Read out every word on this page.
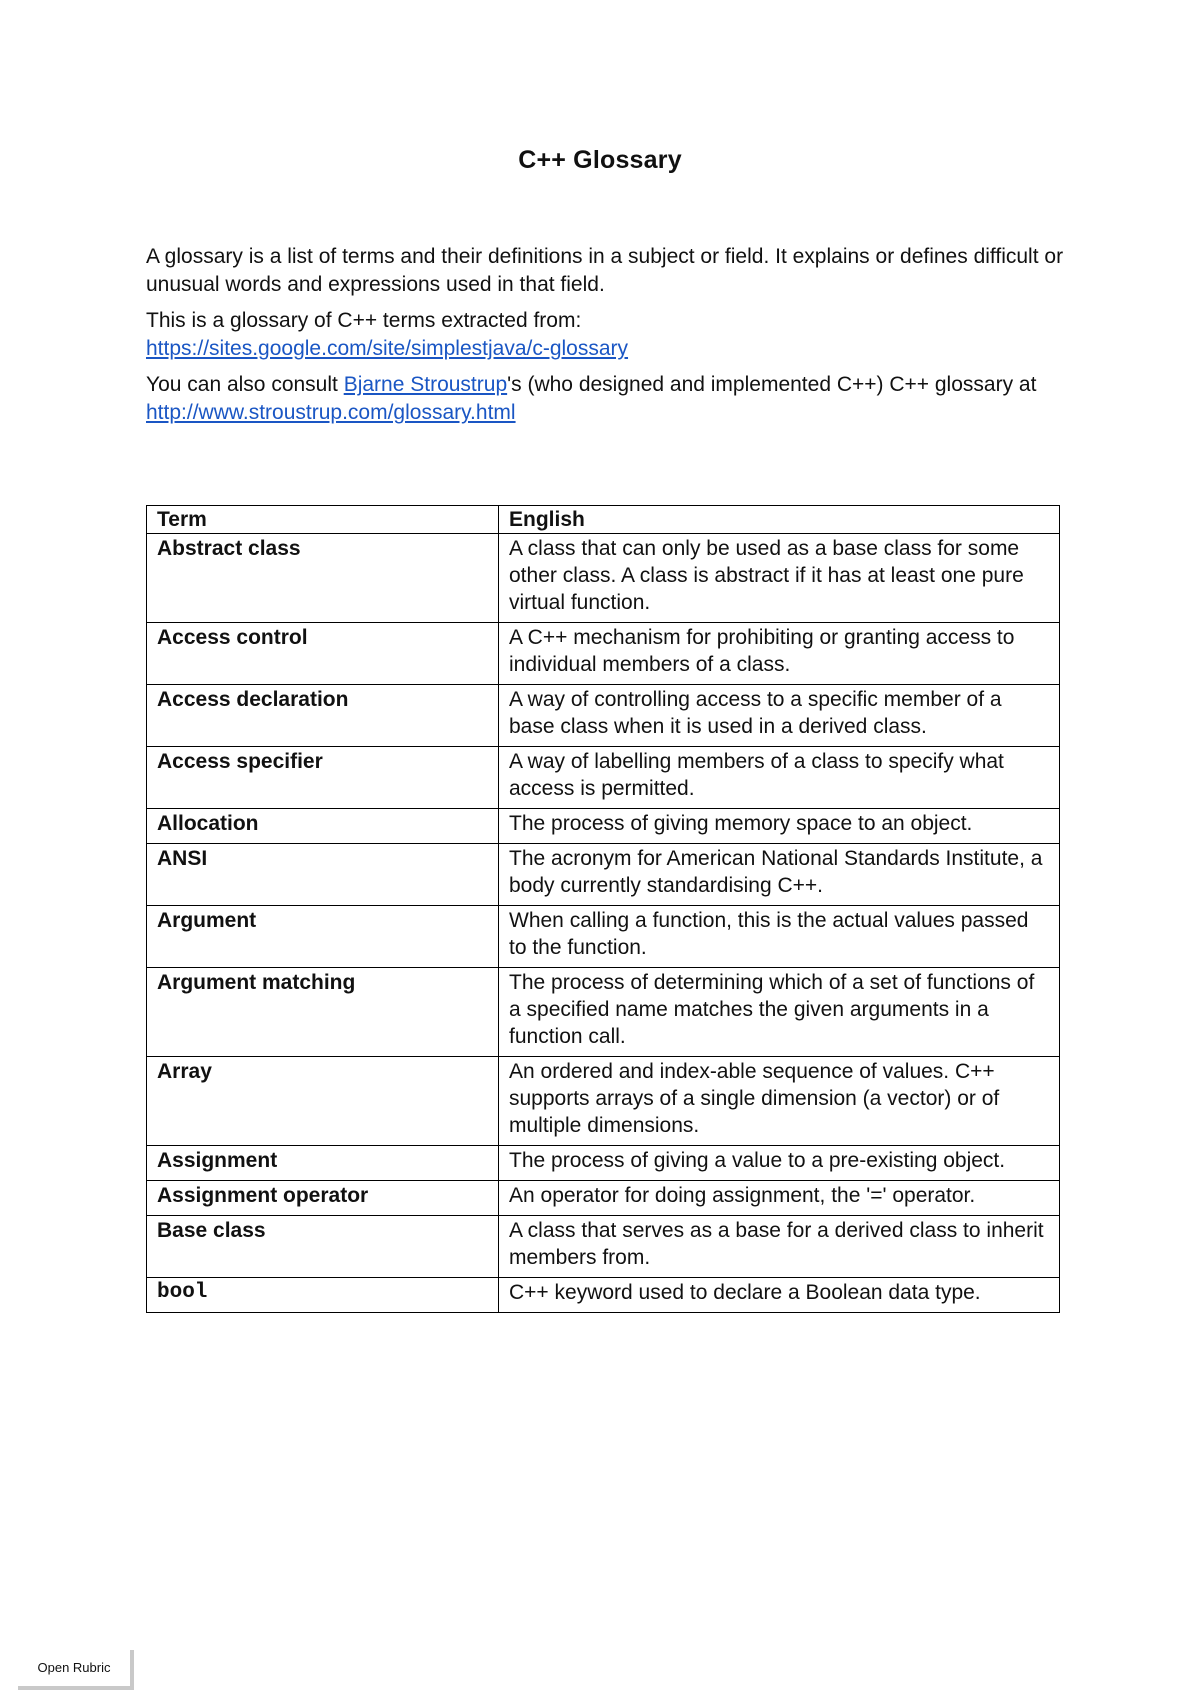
C++ Glossary

A glossary is a list of terms and their definitions in a subject or field. It explains or defines difficult or unusual words and expressions used in that field.

This is a glossary of C++ terms extracted from:
https://sites.google.com/site/simplestjava/c-glossary

You can also consult Bjarne Stroustrup's (who designed and implemented C++) C++ glossary at http://www.stroustrup.com/glossary.html

Term	English
Abstract class	A class that can only be used as a base class for some other class. A class is abstract if it has at least one pure virtual function.
Access control	A C++ mechanism for prohibiting or granting access to individual members of a class.
Access declaration	A way of controlling access to a specific member of a base class when it is used in a derived class.
Access specifier	A way of labelling members of a class to specify what access is permitted.
Allocation	The process of giving memory space to an object.
ANSI	The acronym for American National Standards Institute, a body currently standardising C++.
Argument	When calling a function, this is the actual values passed to the function.
Argument matching	The process of determining which of a set of functions of a specified name matches the given arguments in a function call.
Array	An ordered and index-able sequence of values. C++ supports arrays of a single dimension (a vector) or of multiple dimensions.
Assignment	The process of giving a value to a pre-existing object.
Assignment operator	An operator for doing assignment, the '=' operator.
Base class	A class that serves as a base for a derived class to inherit members from.
bool	C++ keyword used to declare a Boolean data type.
Open Rubric
